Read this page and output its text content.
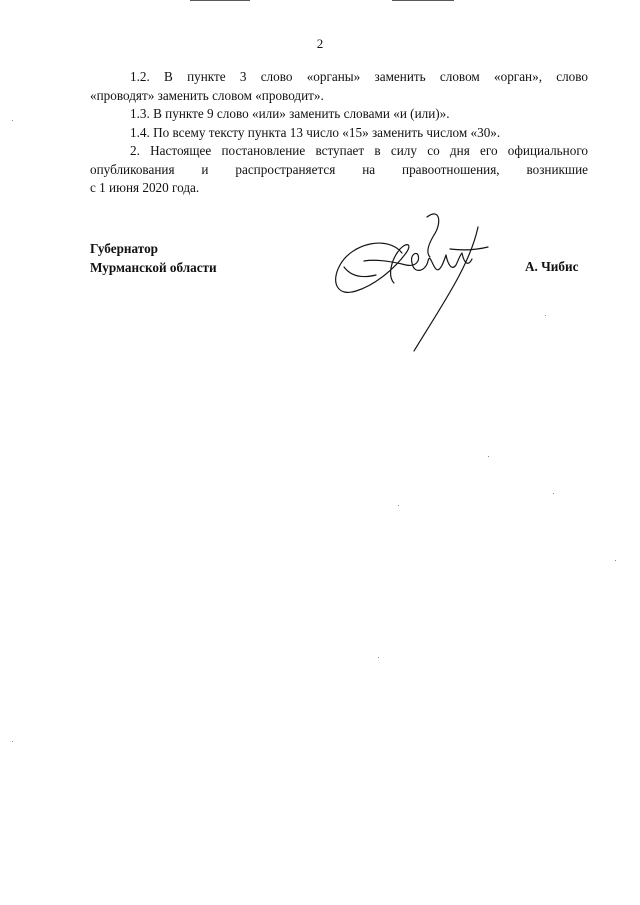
2
1.2. В пункте 3 слово «органы» заменить словом «орган», слово
«проводят» заменить словом «проводит».
1.3. В пункте 9 слово «или» заменить словами «и (или)».
1.4. По всему тексту пункта 13 число «15» заменить числом «30».
2. Настоящее постановление вступает в силу со дня его официального
опубликования и распространяется на правоотношения, возникшие
с 1 июня 2020 года.
Губернатор
Мурманской области	А. Чибис
